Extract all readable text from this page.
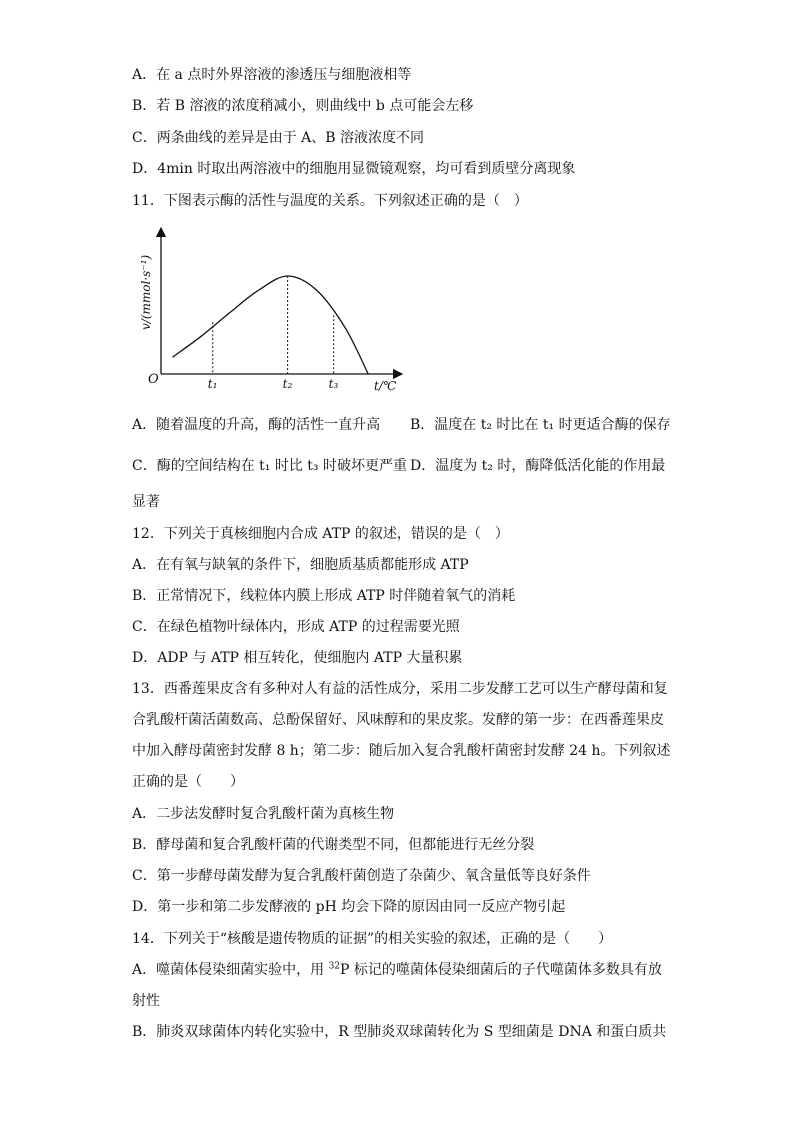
A．在 a 点时外界溶液的渗透压与细胞液相等
B．若 B 溶液的浓度稍减小，则曲线中 b 点可能会左移
C．两条曲线的差异是由于 A、B 溶液浓度不同
D．4min 时取出两溶液中的细胞用显微镜观察，均可看到质壁分离现象
11．下图表示酶的活性与温度的关系。下列叙述正确的是（　）
t₁	t₂	t₃
v/(mmol·s⁻¹)
t/℃
O
A．随着温度的升高，酶的活性一直升高 B．温度在 t₂ 时比在 t₁ 时更适合酶的保存
C．酶的空间结构在 t₁ 时比 t₃ 时破坏更严重 D．温度为 t₂ 时，酶降低活化能的作用最
显著
12．下列关于真核细胞内合成 ATP 的叙述，错误的是（　）
A．在有氧与缺氧的条件下，细胞质基质都能形成 ATP
B．正常情况下，线粒体内膜上形成 ATP 时伴随着氧气的消耗
C．在绿色植物叶绿体内，形成 ATP 的过程需要光照
D．ADP 与 ATP 相互转化，使细胞内 ATP 大量积累
13．西番莲果皮含有多种对人有益的活性成分，采用二步发酵工艺可以生产酵母菌和复
合乳酸杆菌活菌数高、总酚保留好、风味醇和的果皮浆。发酵的第一步：在西番莲果皮
中加入酵母菌密封发酵 8 h；第二步：随后加入复合乳酸杆菌密封发酵 24 h。下列叙述
正确的是（　　）
A．二步法发酵时复合乳酸杆菌为真核生物
B．酵母菌和复合乳酸杆菌的代谢类型不同，但都能进行无丝分裂
C．第一步酵母菌发酵为复合乳酸杆菌创造了杂菌少、氧含量低等良好条件
D．第一步和第二步发酵液的 pH 均会下降的原因由同一反应产物引起
14．下列关于“核酸是遗传物质的证据”的相关实验的叙述，正确的是（　　）
A．噬菌体侵染细菌实验中，用 $^{32}$P 标记的噬菌体侵染细菌后的子代噬菌体多数具有放
射性
B．肺炎双球菌体内转化实验中，R 型肺炎双球菌转化为 S 型细菌是 DNA 和蛋白质共
